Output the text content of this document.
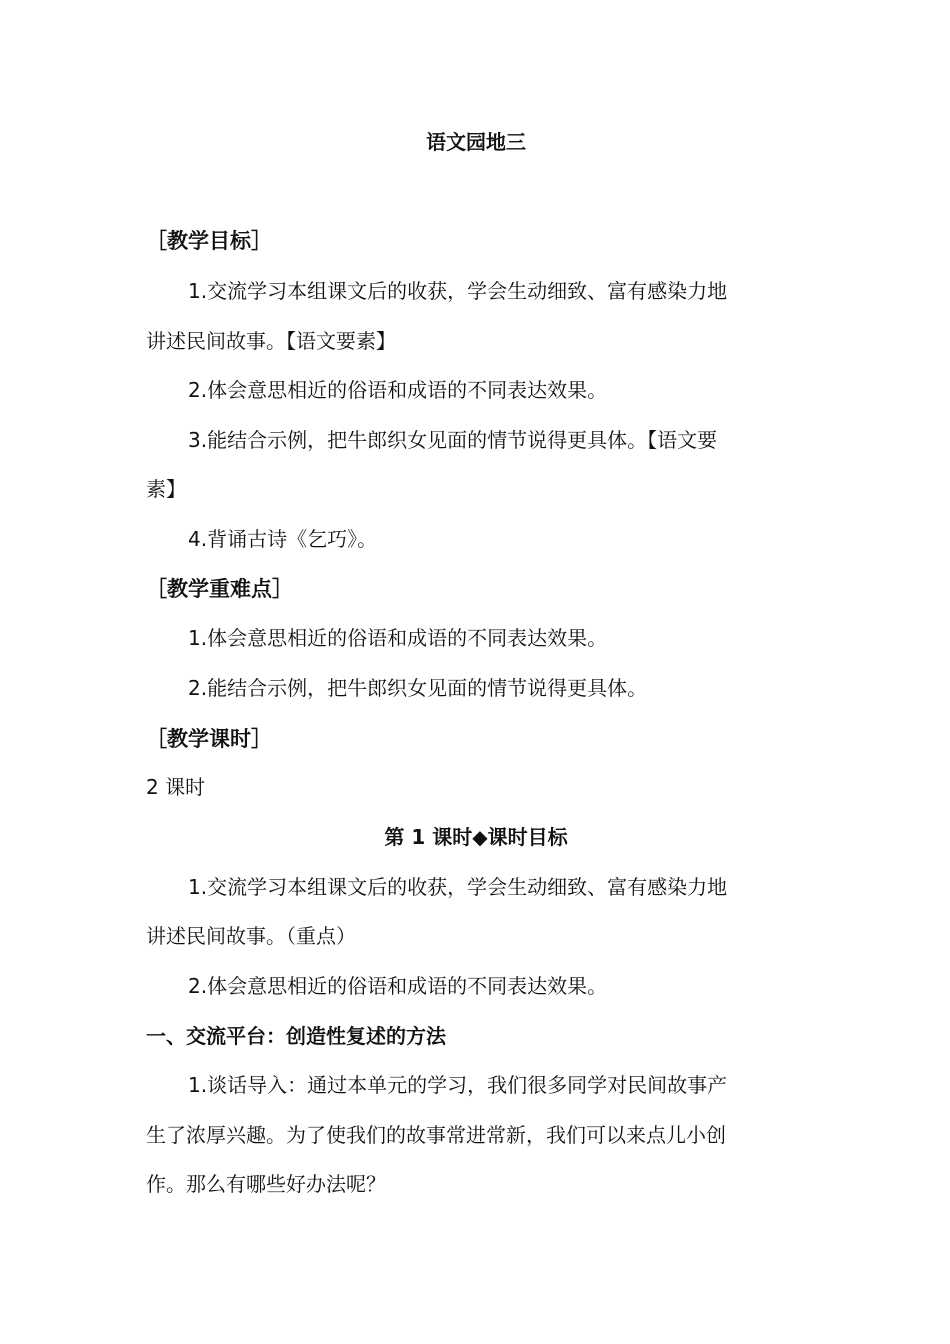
语文园地三

［教学目标］

1.交流学习本组课文后的收获，学会生动细致、富有感染力地

讲述民间故事。【语文要素】

2.体会意思相近的俗语和成语的不同表达效果。

3.能结合示例，把牛郎织女见面的情节说得更具体。【语文要

素】

4.背诵古诗《乞巧》。

［教学重难点］

1.体会意思相近的俗语和成语的不同表达效果。

2.能结合示例，把牛郎织女见面的情节说得更具体。

［教学课时］

2 课时

第 1 课时◆课时目标

1.交流学习本组课文后的收获，学会生动细致、富有感染力地

讲述民间故事。（重点）

2.体会意思相近的俗语和成语的不同表达效果。

一、交流平台：创造性复述的方法

1.谈话导入：通过本单元的学习，我们很多同学对民间故事产

生了浓厚兴趣。为了使我们的故事常进常新，我们可以来点儿小创

作。那么有哪些好办法呢？
